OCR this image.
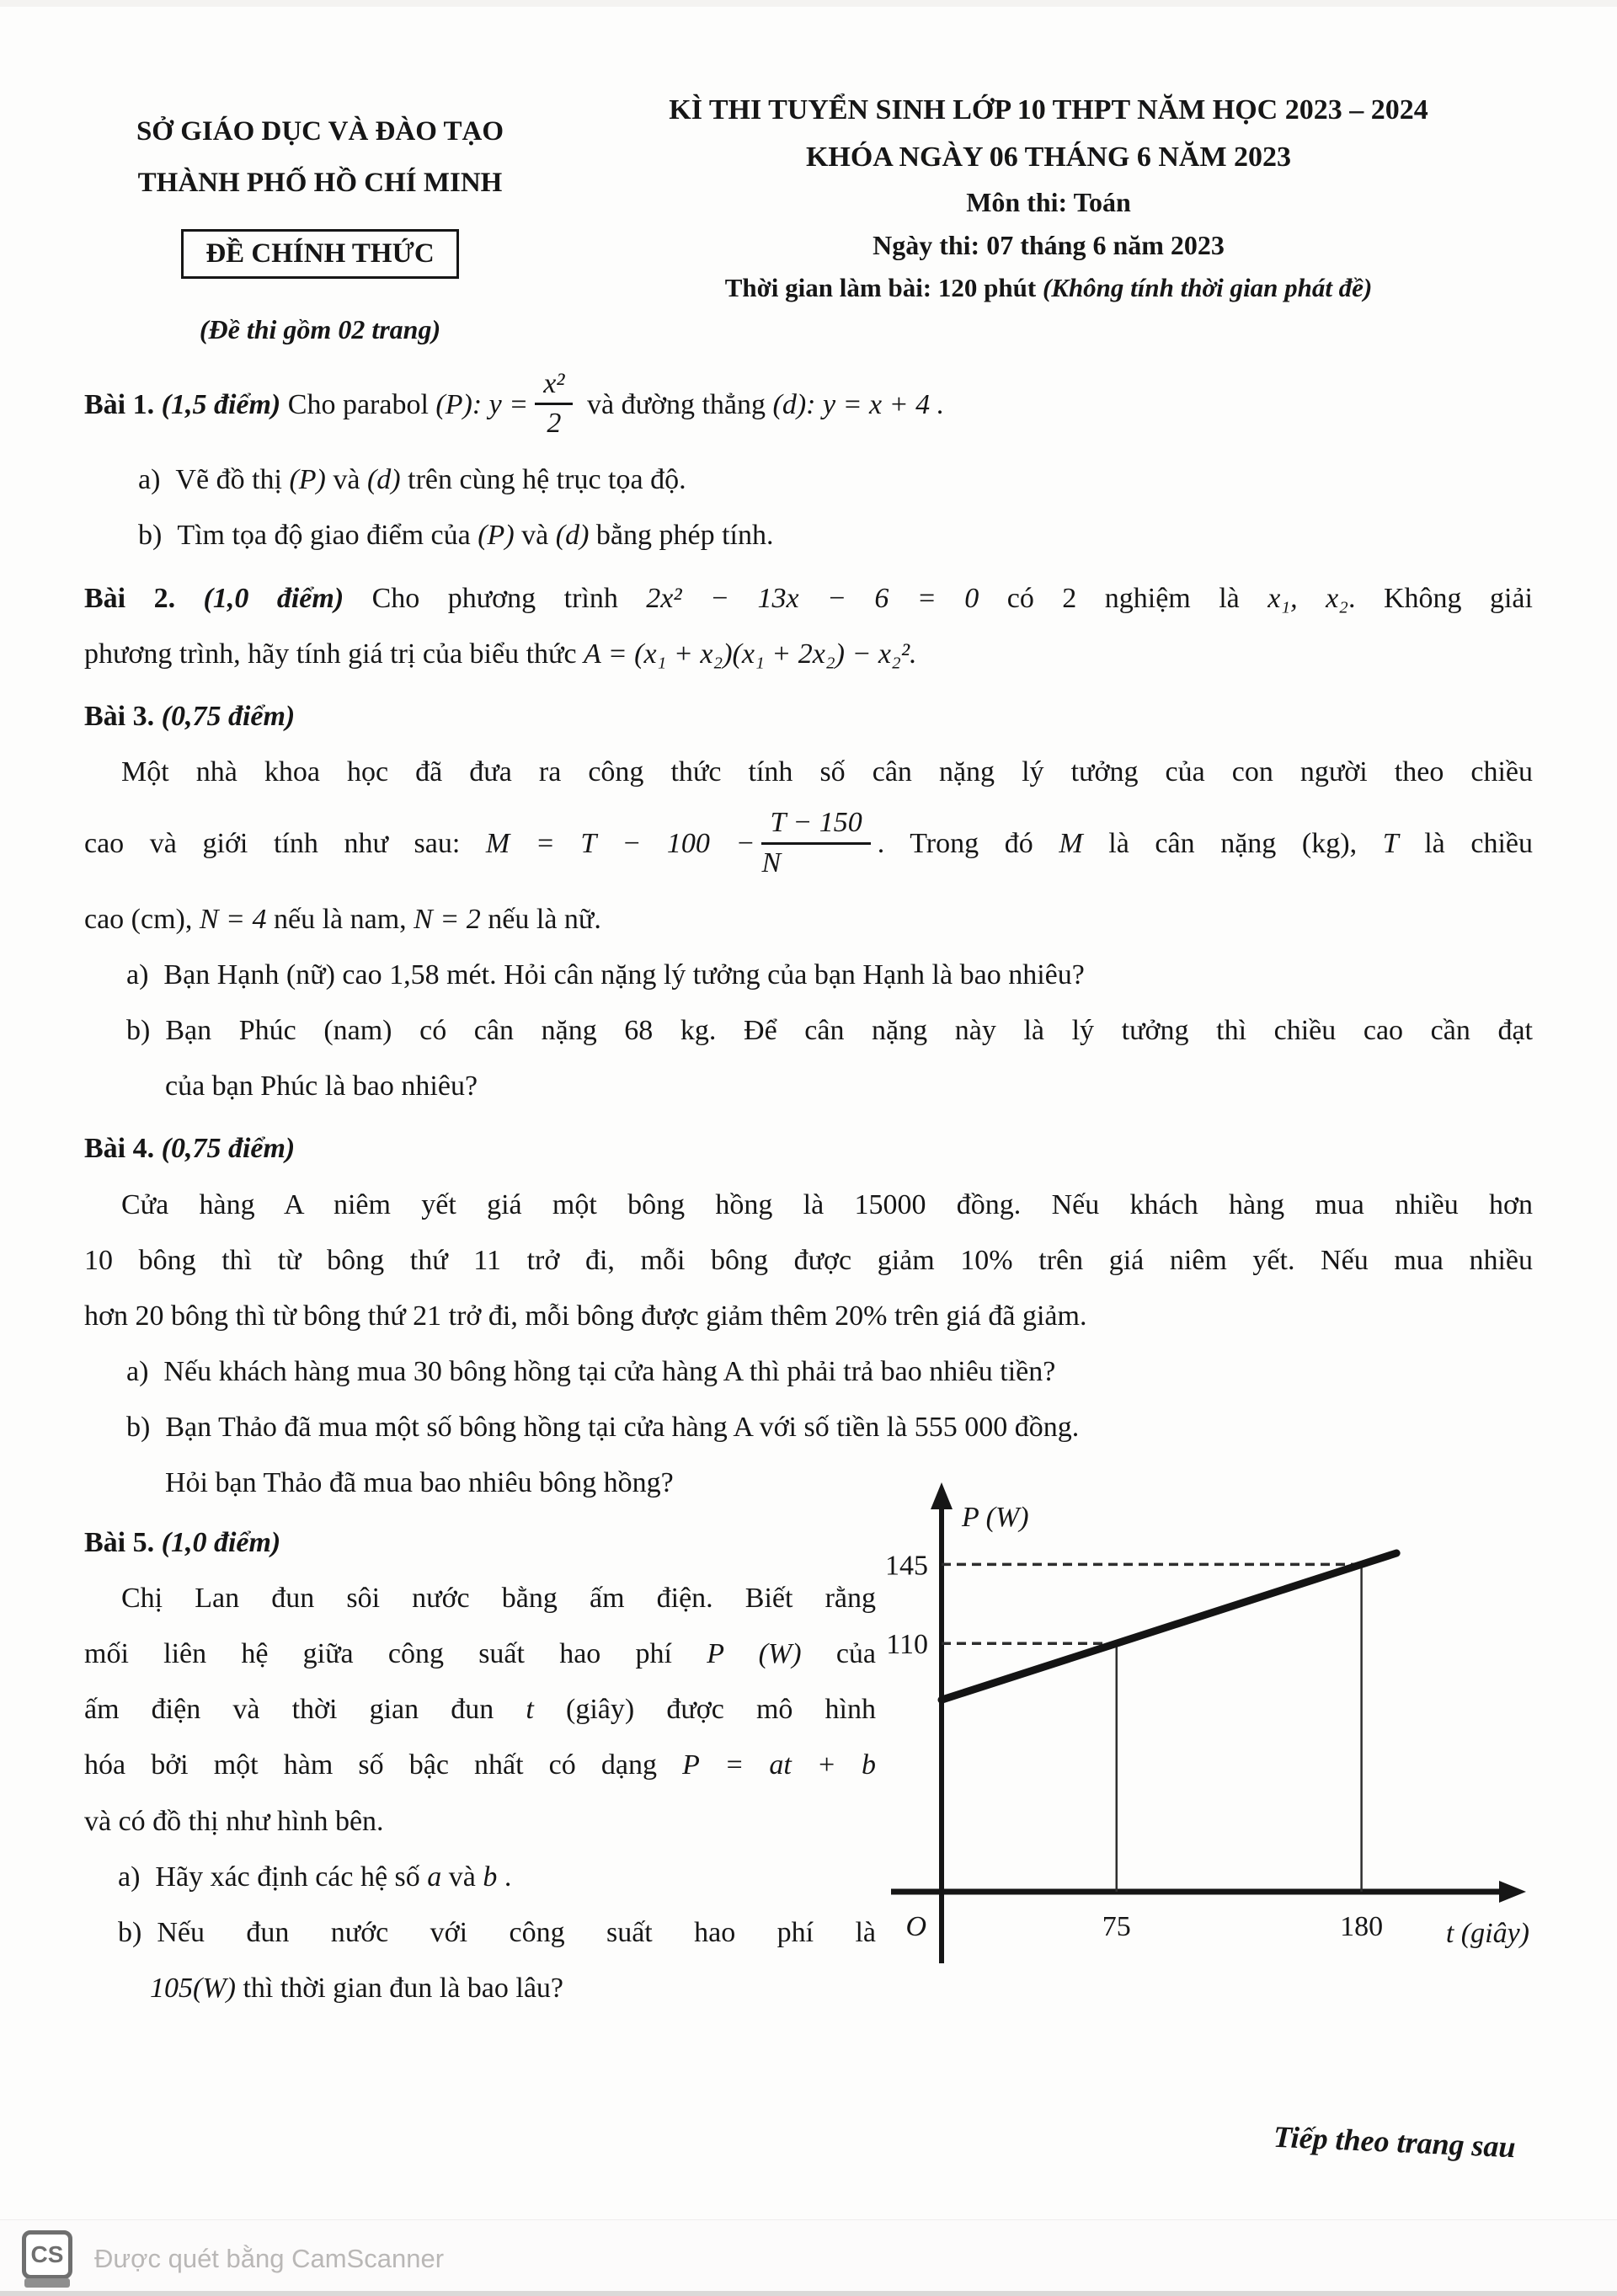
SỞ GIÁO DỤC VÀ ĐÀO TẠO
THÀNH PHỐ HỒ CHÍ MINH
ĐỀ CHÍNH THỨC
(Đề thi gồm 02 trang)
KÌ THI TUYỂN SINH LỚP 10 THPT NĂM HỌC 2023 – 2024
KHÓA NGÀY 06 THÁNG 6 NĂM 2023
Môn thi: Toán
Ngày thi: 07 tháng 6 năm 2023
Thời gian làm bài: 120 phút (Không tính thời gian phát đề)
Bài 1. (1,5 điểm) Cho parabol (P): $y = \frac{\text{x²}}{2}$ và đường thẳng (d): y = x + 4 .
a) Vẽ đồ thị (P) và (d) trên cùng hệ trục tọa độ.
b) Tìm tọa độ giao điểm của (P) và (d) bằng phép tính.
Bài 2. (1,0 điểm) Cho phương trình 2x² − 13x − 6 = 0 có 2 nghiệm là x₁, x₂. Không giải
phương trình, hãy tính giá trị của biểu thức A = (x₁ + x₂)(x₁ + 2x₂) − x₂².
Bài 3. (0,75 điểm)
Một nhà khoa học đã đưa ra công thức tính số cân nặng lý tưởng của con người theo chiều
cao và giới tính như sau: $M = T - 100 - \frac{T - 150}{N}$ . Trong đó M là cân nặng (kg), T là chiều
cao (cm), N = 4 nếu là nam, N = 2 nếu là nữ.
a) Bạn Hạnh (nữ) cao 1,58 mét. Hỏi cân nặng lý tưởng của bạn Hạnh là bao nhiêu?
b) Bạn Phúc (nam) có cân nặng 68 kg. Để cân nặng này là lý tưởng thì chiều cao cần đạt
của bạn Phúc là bao nhiêu?
Bài 4. (0,75 điểm)
Cửa hàng A niêm yết giá một bông hồng là 15000 đồng. Nếu khách hàng mua nhiều hơn
10 bông thì từ bông thứ 11 trở đi, mỗi bông được giảm 10% trên giá niêm yết. Nếu mua nhiều
hơn 20 bông thì từ bông thứ 21 trở đi, mỗi bông được giảm thêm 20% trên giá đã giảm.
a) Nếu khách hàng mua 30 bông hồng tại cửa hàng A thì phải trả bao nhiêu tiền?
b) Bạn Thảo đã mua một số bông hồng tại cửa hàng A với số tiền là 555 000 đồng.
Hỏi bạn Thảo đã mua bao nhiêu bông hồng?
Bài 5. (1,0 điểm)
Chị Lan đun sôi nước bằng ấm điện. Biết rằng
mối liên hệ giữa công suất hao phí P (W) của
ấm điện và thời gian đun t (giây) được mô hình
hóa bởi một hàm số bậc nhất có dạng P = at + b
và có đồ thị như hình bên.
a) Hãy xác định các hệ số a và b .
b) Nếu đun nước với công suất hao phí là
105(W) thì thời gian đun là bao lâu?
P (W)
t (giây)
O	75	180
110
145
Tiếp theo trang sau
CS	Được quét bằng CamScanner
